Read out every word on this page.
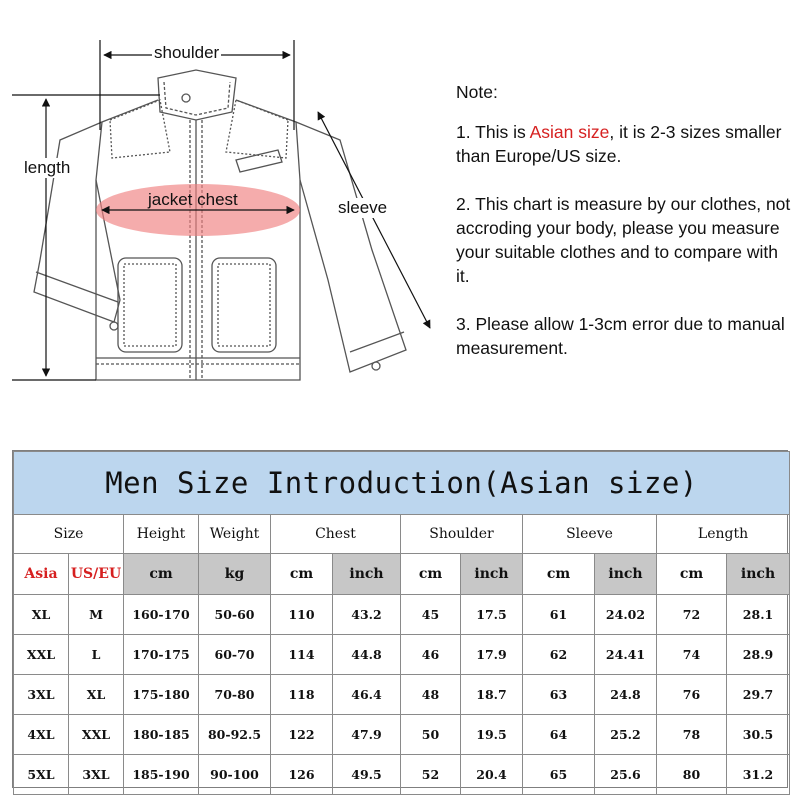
shoulder
length
jacket chest	sleeve

Note:

1. This is Asian size, it is 2-3 sizes smaller than Europe/US size.

2. This chart is measure by our clothes, not accroding your body, please you measure your suitable clothes and to compare with it.

3. Please allow 1-3cm error due to manual measurement.

Men Size Introduction(Asian size)											
Size		Height	Weight	Chest		Shoulder		Sleeve		Length	
Asia	US/EU	cm	kg	cm	inch	cm	inch	cm	inch	cm	inch
XL	M	160-170	50-60	110	43.2	45	17.5	61	24.02	72	28.1
XXL	L	170-175	60-70	114	44.8	46	17.9	62	24.41	74	28.9
3XL	XL	175-180	70-80	118	46.4	48	18.7	63	24.8	76	29.7
4XL	XXL	180-185	80-92.5	122	47.9	50	19.5	64	25.2	78	30.5
5XL	3XL	185-190	90-100	126	49.5	52	20.4	65	25.6	80	31.2
